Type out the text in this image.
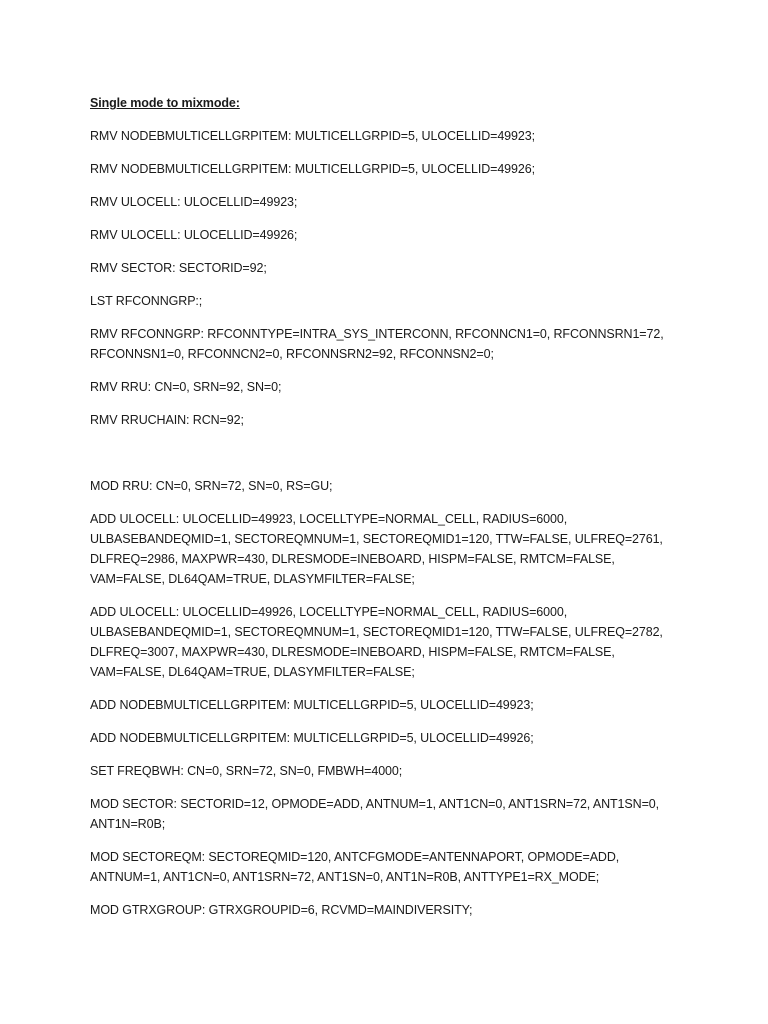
Single mode to mixmode:

RMV NODEBMULTICELLGRPITEM: MULTICELLGRPID=5, ULOCELLID=49923;

RMV NODEBMULTICELLGRPITEM: MULTICELLGRPID=5, ULOCELLID=49926;

RMV ULOCELL: ULOCELLID=49923;

RMV ULOCELL: ULOCELLID=49926;

RMV SECTOR: SECTORID=92;

LST RFCONNGRP:;

RMV RFCONNGRP: RFCONNTYPE=INTRA_SYS_INTERCONN, RFCONNCN1=0, RFCONNSRN1=72, RFCONNSN1=0, RFCONNCN2=0, RFCONNSRN2=92, RFCONNSN2=0;

RMV RRU: CN=0, SRN=92, SN=0;

RMV RRUCHAIN: RCN=92;

MOD RRU: CN=0, SRN=72, SN=0, RS=GU;

ADD ULOCELL: ULOCELLID=49923, LOCELLTYPE=NORMAL_CELL, RADIUS=6000, ULBASEBANDEQMID=1, SECTOREQMNUM=1, SECTOREQMID1=120, TTW=FALSE, ULFREQ=2761, DLFREQ=2986, MAXPWR=430, DLRESMODE=INEBOARD, HISPM=FALSE, RMTCM=FALSE, VAM=FALSE, DL64QAM=TRUE, DLASYMFILTER=FALSE;

ADD ULOCELL: ULOCELLID=49926, LOCELLTYPE=NORMAL_CELL, RADIUS=6000, ULBASEBANDEQMID=1, SECTOREQMNUM=1, SECTOREQMID1=120, TTW=FALSE, ULFREQ=2782, DLFREQ=3007, MAXPWR=430, DLRESMODE=INEBOARD, HISPM=FALSE, RMTCM=FALSE, VAM=FALSE, DL64QAM=TRUE, DLASYMFILTER=FALSE;

ADD NODEBMULTICELLGRPITEM: MULTICELLGRPID=5, ULOCELLID=49923;

ADD NODEBMULTICELLGRPITEM: MULTICELLGRPID=5, ULOCELLID=49926;

SET FREQBWH: CN=0, SRN=72, SN=0, FMBWH=4000;

MOD SECTOR: SECTORID=12, OPMODE=ADD, ANTNUM=1, ANT1CN=0, ANT1SRN=72, ANT1SN=0, ANT1N=R0B;

MOD SECTOREQM: SECTOREQMID=120, ANTCFGMODE=ANTENNAPORT, OPMODE=ADD, ANTNUM=1, ANT1CN=0, ANT1SRN=72, ANT1SN=0, ANT1N=R0B, ANTTYPE1=RX_MODE;

MOD GTRXGROUP: GTRXGROUPID=6, RCVMD=MAINDIVERSITY;
